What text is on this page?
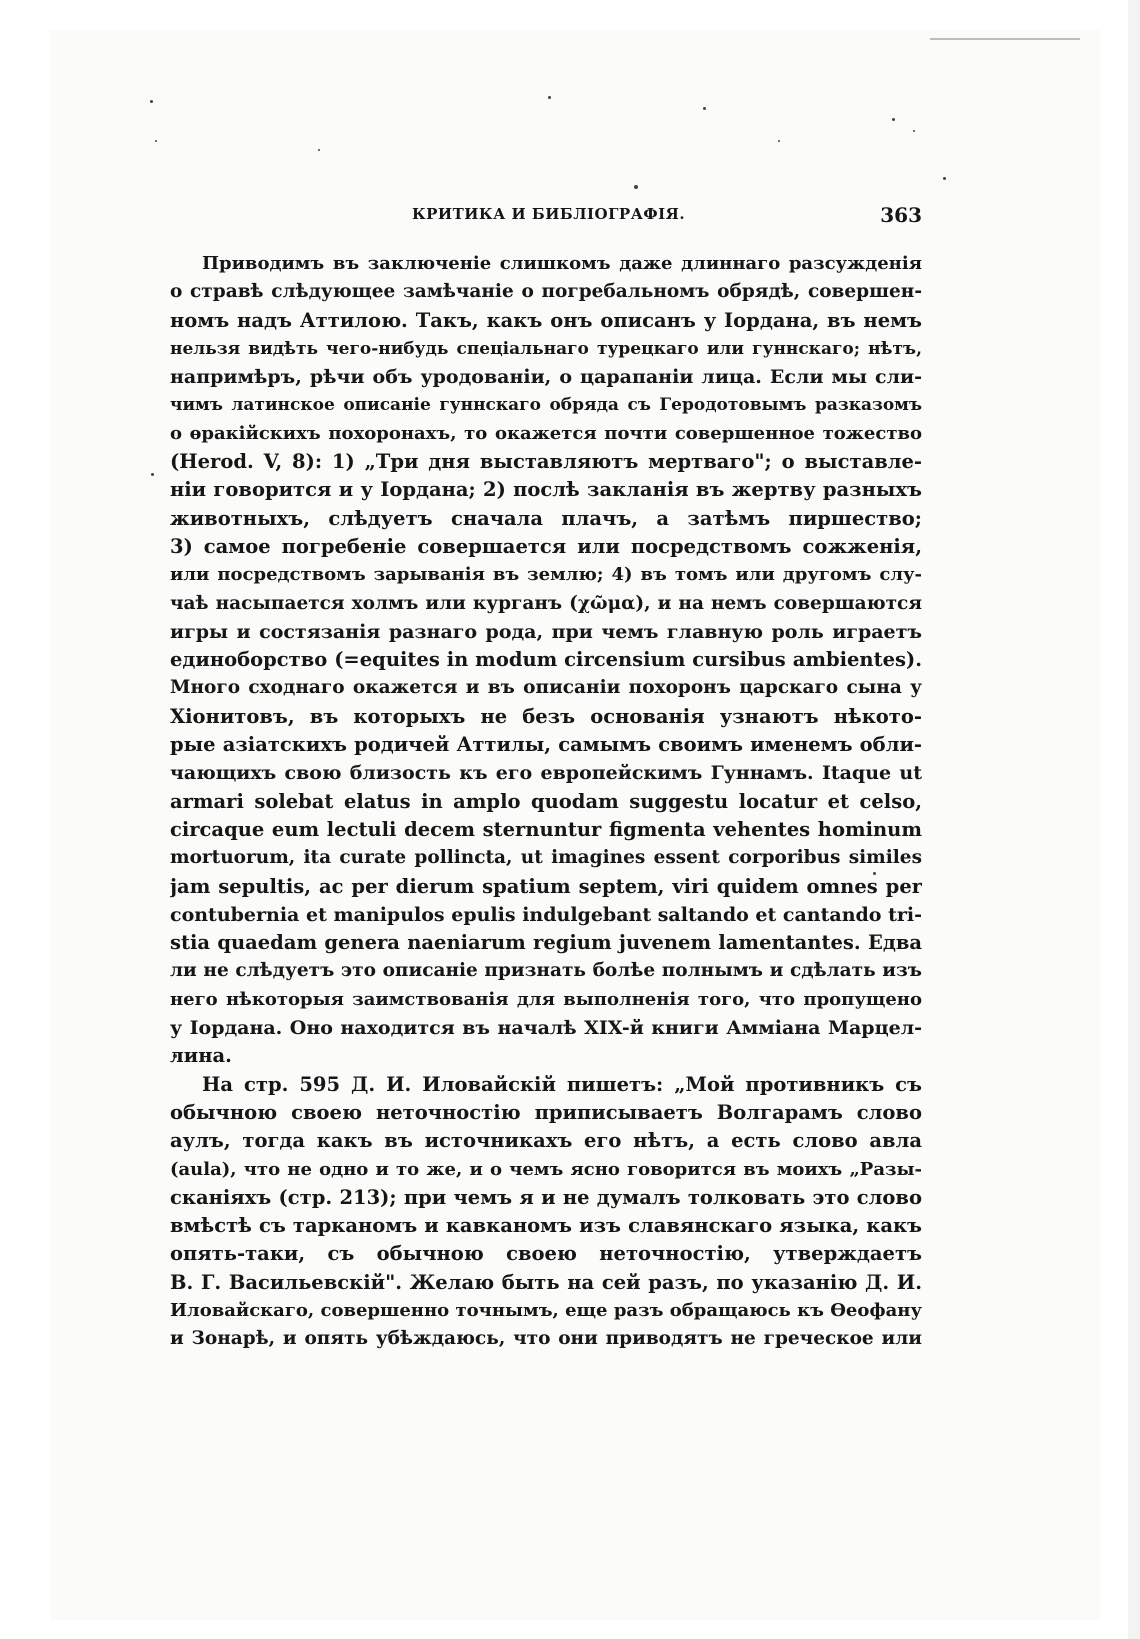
КРИТИКА И БИБЛІОГРАФІЯ.	363
Приводимъ въ заключеніе слишкомъ даже длиннаго разсужденія
о стравѣ слѣдующее замѣчаніе о погребальномъ обрядѣ, совершен-
номъ надъ Аттилою. Такъ, какъ онъ описанъ у Іордана, въ немъ
нельзя видѣть чего-нибудь спеціальнаго турецкаго или гуннскаго; нѣтъ,
напримѣръ, рѣчи объ уродованіи, о царапаніи лица. Если мы сли-
чимъ латинское описаніе гуннскаго обряда съ Геродотовымъ разказомъ
о ѳракійскихъ похоронахъ, то окажется почти совершенное тожество
(Herod. V, 8): 1) „Три дня выставляютъ мертваго"; о выставле-
ніи говорится и у Іордана; 2) послѣ закланія въ жертву разныхъ
животныхъ, слѣдуетъ сначала плачъ, а затѣмъ пиршество;
3) самое погребеніе совершается или посредствомъ сожженія,
или посредствомъ зарыванія въ землю; 4) въ томъ или другомъ слу-
чаѣ насыпается холмъ или курганъ (χῶμα), и на немъ совершаются
игры и состязанія разнаго рода, при чемъ главную роль играетъ
единоборство (=equites in modum circensium cursibus ambientes).
Много сходнаго окажется и въ описаніи похоронъ царскаго сына у
Хіонитовъ, въ которыхъ не безъ основанія узнаютъ нѣкото-
рые азіатскихъ родичей Аттилы, самымъ своимъ именемъ обли-
чающихъ свою близость къ его европейскимъ Гуннамъ. Itaque ut
armari solebat elatus in amplo quodam suggestu locatur et celso,
circaque eum lectuli decem sternuntur figmenta vehentes hominum
mortuorum, ita curate pollincta, ut imagines essent corporibus similes
jam sepultis, ac per dierum spatium septem, viri quidem omnes per
contubernia et manipulos epulis indulgebant saltando et cantando tri-
stia quaedam genera naeniarum regium juvenem lamentantes. Едва
ли не слѣдуетъ это описаніе признать болѣе полнымъ и сдѣлать изъ
него нѣкоторыя заимствованія для выполненія того, что пропущено
у Іордана. Оно находится въ началѣ XIX-й книги Аммiана Марцел-
лина.
На стр. 595 Д. И. Иловайскій пишетъ: „Мой противникъ съ
обычною своею неточностію приписываетъ Волгарамъ слово
аулъ, тогда какъ въ источникахъ его нѣтъ, а есть слово авла
(aula), что не одно и то же, и о чемъ ясно говорится въ моихъ „Разы-
сканіяхъ (стр. 213); при чемъ я и не думалъ толковать это слово
вмѣстѣ съ тарканомъ и кавканомъ изъ славянскаго языка, какъ
опять-таки, съ обычною своею неточностію, утверждаетъ
В. Г. Васильевскій". Желаю быть на сей разъ, по указанію Д. И.
Иловайскаго, совершенно точнымъ, еще разъ обращаюсь къ Ѳеофану
и Зонарѣ, и опять убѣждаюсь, что они приводятъ не греческое или
